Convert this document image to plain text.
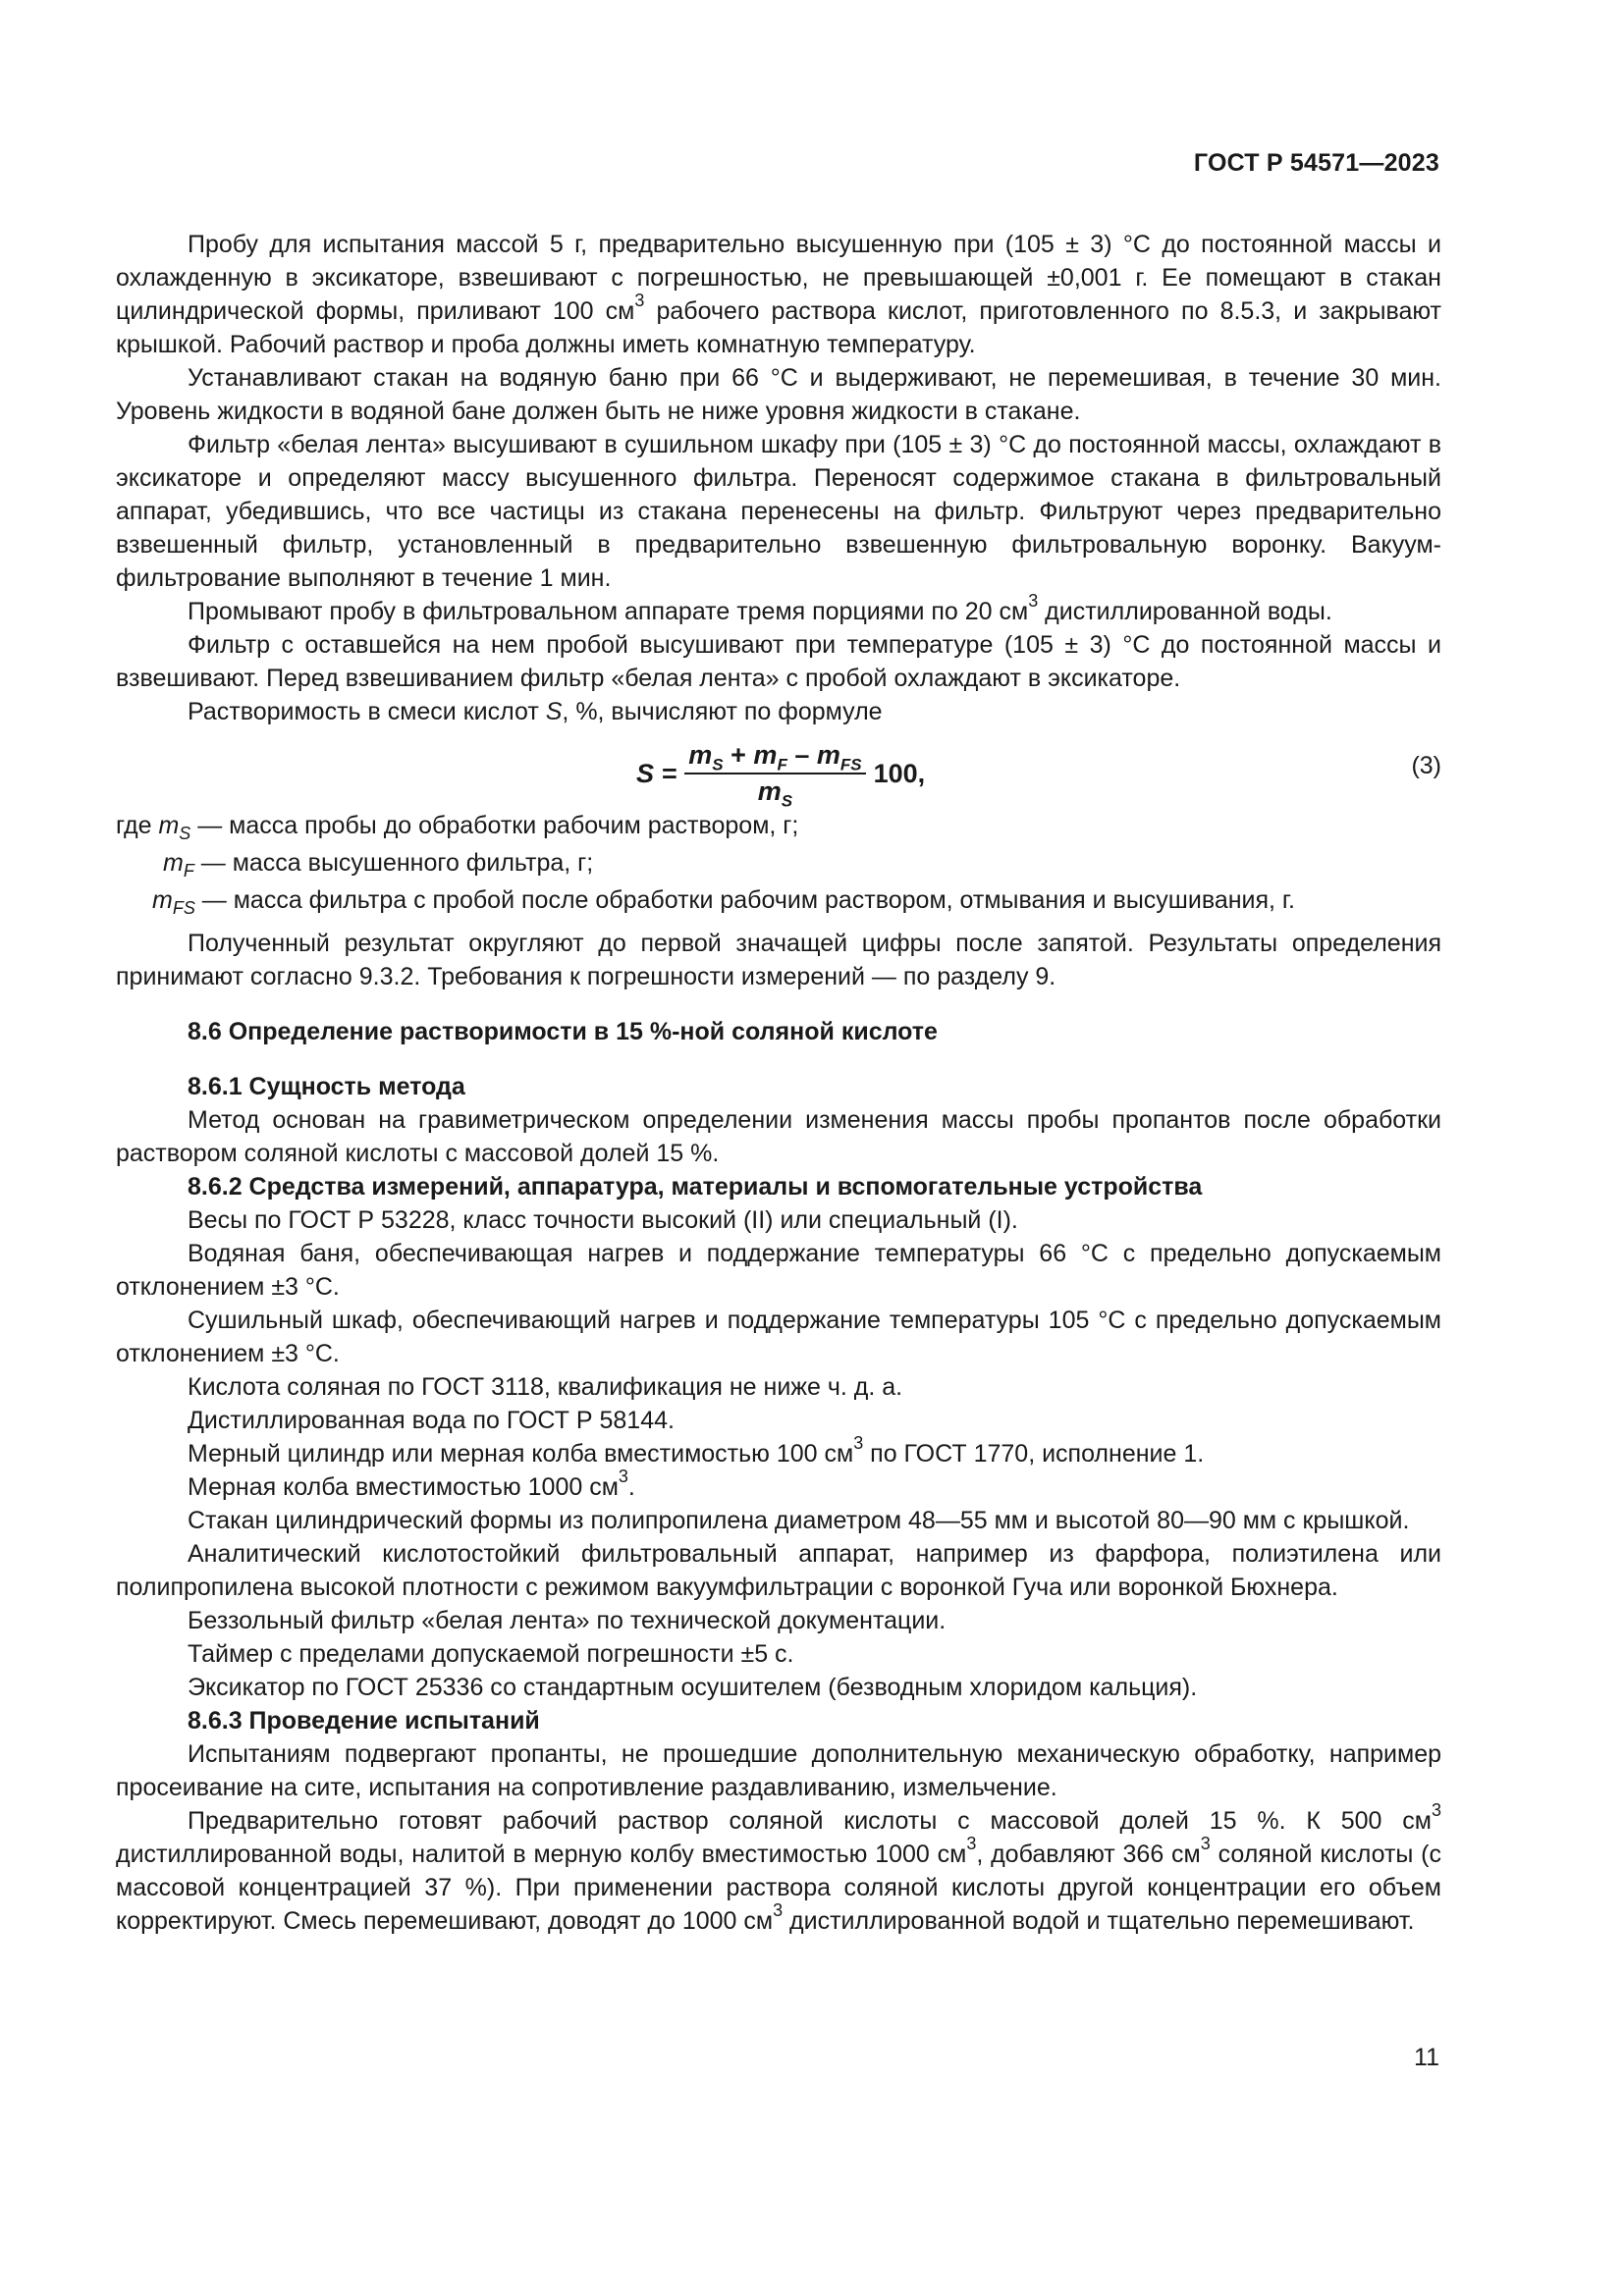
ГОСТ Р 54571—2023

Пробу для испытания массой 5 г, предварительно высушенную при (105 ± 3) °С до постоянной массы и охлажденную в эксикаторе, взвешивают с погрешностью, не превышающей ±0,001 г. Ее помещают в стакан цилиндрической формы, приливают 100 $см^3$ рабочего раствора кислот, приготовленного по 8.5.3, и закрывают крышкой. Рабочий раствор и проба должны иметь комнатную температуру.

Устанавливают стакан на водяную баню при 66 °С и выдерживают, не перемешивая, в течение 30 мин. Уровень жидкости в водяной бане должен быть не ниже уровня жидкости в стакане.

Фильтр «белая лента» высушивают в сушильном шкафу при (105 ± 3) °С до постоянной массы, охлаждают в эксикаторе и определяют массу высушенного фильтра. Переносят содержимое стакана в фильтровальный аппарат, убедившись, что все частицы из стакана перенесены на фильтр. Фильтруют через предварительно взвешенный фильтр, установленный в предварительно взвешенную фильтровальную воронку. Вакуум-фильтрование выполняют в течение 1 мин.

Промывают пробу в фильтровальном аппарате тремя порциями по 20 $см^3$ дистиллированной воды.

Фильтр с оставшейся на нем пробой высушивают при температуре (105 ± 3) °С до постоянной массы и взвешивают. Перед взвешиванием фильтр «белая лента» с пробой охлаждают в эксикаторе.

Растворимость в смеси кислот S, %, вычисляют по формуле

$S = \frac{m_S + m_F - m_{FS}}{m_S} 100$,	(3)
где $m_S$ — масса пробы до обработки рабочим раствором, г;
$m_F$ — масса высушенного фильтра, г;
$m_{FS}$ — масса фильтра с пробой после обработки рабочим раствором, отмывания и высушивания, г.

Полученный результат округляют до первой значащей цифры после запятой. Результаты определения принимают согласно 9.3.2. Требования к погрешности измерений — по разделу 9.

8.6 Определение растворимости в 15 %-ной соляной кислоте

8.6.1 Сущность метода

Метод основан на гравиметрическом определении изменения массы пробы пропантов после обработки раствором соляной кислоты с массовой долей 15 %.

8.6.2 Средства измерений, аппаратура, материалы и вспомогательные устройства

Весы по ГОСТ Р 53228, класс точности высокий (II) или специальный (I).

Водяная баня, обеспечивающая нагрев и поддержание температуры 66 °С с предельно допускаемым отклонением ±3 °С.

Сушильный шкаф, обеспечивающий нагрев и поддержание температуры 105 °С с предельно допускаемым отклонением ±3 °С.

Кислота соляная по ГОСТ 3118, квалификация не ниже ч. д. а.

Дистиллированная вода по ГОСТ Р 58144.

Мерный цилиндр или мерная колба вместимостью 100 $см^3$ по ГОСТ 1770, исполнение 1.

Мерная колба вместимостью 1000 $см^3$.

Стакан цилиндрический формы из полипропилена диаметром 48—55 мм и высотой 80—90 мм с крышкой.

Аналитический кислотостойкий фильтровальный аппарат, например из фарфора, полиэтилена или полипропилена высокой плотности с режимом вакуумфильтрации с воронкой Гуча или воронкой Бюхнера.

Беззольный фильтр «белая лента» по технической документации.

Таймер с пределами допускаемой погрешности ±5 с.

Эксикатор по ГОСТ 25336 со стандартным осушителем (безводным хлоридом кальция).

8.6.3 Проведение испытаний

Испытаниям подвергают пропанты, не прошедшие дополнительную механическую обработку, например просеивание на сите, испытания на сопротивление раздавливанию, измельчение.

Предварительно готовят рабочий раствор соляной кислоты с массовой долей 15 %. К 500 $см^3$ дистиллированной воды, налитой в мерную колбу вместимостью 1000 $см^3$, добавляют 366 $см^3$ соляной кислоты (с массовой концентрацией 37 %). При применении раствора соляной кислоты другой концентрации его объем корректируют. Смесь перемешивают, доводят до 1000 $см^3$ дистиллированной водой и тщательно перемешивают.

11
